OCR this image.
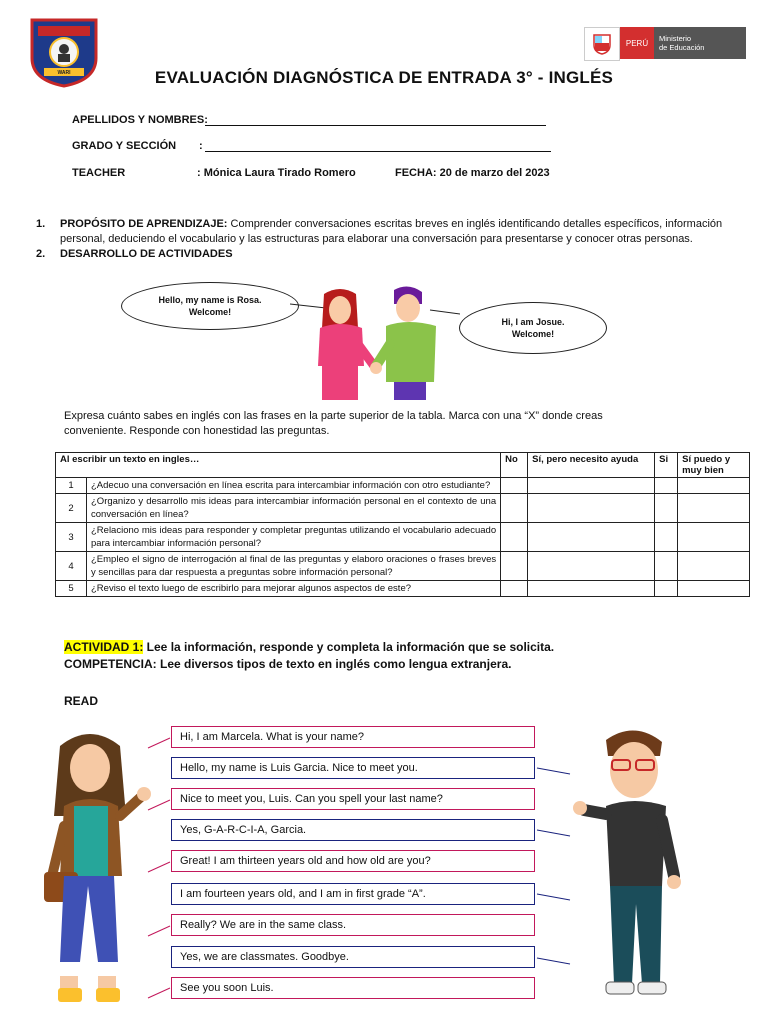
WARI
PERÚ	Ministerio
de Educación
EVALUACIÓN DIAGNÓSTICA DE ENTRADA 3° - INGLÉS
APELLIDOS Y NOMBRES:
GRADO Y SECCIÓN :
TEACHER	: Mónica Laura Tirado Romero	FECHA: 20 de marzo del 2023
1. PROPÓSITO DE APRENDIZAJE: Comprender conversaciones escritas breves en inglés identificando detalles específicos, información personal, deduciendo el vocabulario y las estructuras para elaborar una conversación para presentarse y conocer otras personas.
2. DESARROLLO DE ACTIVIDADES
Hello, my name is Rosa.
Welcome!
Hi, I am Josue.
Welcome!
Expresa cuánto sabes en inglés con las frases en la parte superior de la tabla. Marca con una “X” donde creas conveniente. Responde con honestidad las preguntas.
Al escribir un texto en ingles…		No	Sí, pero necesito ayuda	Si	Sí puedo y muy bien
1	¿Adecuo una conversación en línea escrita para intercambiar información con otro estudiante?				
2	¿Organizo y desarrollo mis ideas para intercambiar información personal en el contexto de una conversación en línea?				
3	¿Relaciono mis ideas para responder y completar preguntas utilizando el vocabulario adecuado para intercambiar información personal?				
4	¿Empleo el signo de interrogación al final de las preguntas y elaboro oraciones o frases breves y sencillas para dar respuesta a preguntas sobre información personal?				
5	¿Reviso el texto luego de escribirlo para mejorar algunos aspectos de este?				
ACTIVIDAD 1: Lee la información, responde y completa la información que se solicita.
COMPETENCIA: Lee diversos tipos de texto en inglés como lengua extranjera.
READ
Hi, I am Marcela. What is your name?
Hello, my name is Luis Garcia. Nice to meet you.
Nice to meet you, Luis. Can you spell your last name?
Yes, G-A-R-C-I-A, Garcia.
Great! I am thirteen years old and how old are you?
I am fourteen years old, and I am in first grade “A”.
Really? We are in the same class.
Yes, we are classmates. Goodbye.
See you soon Luis.
